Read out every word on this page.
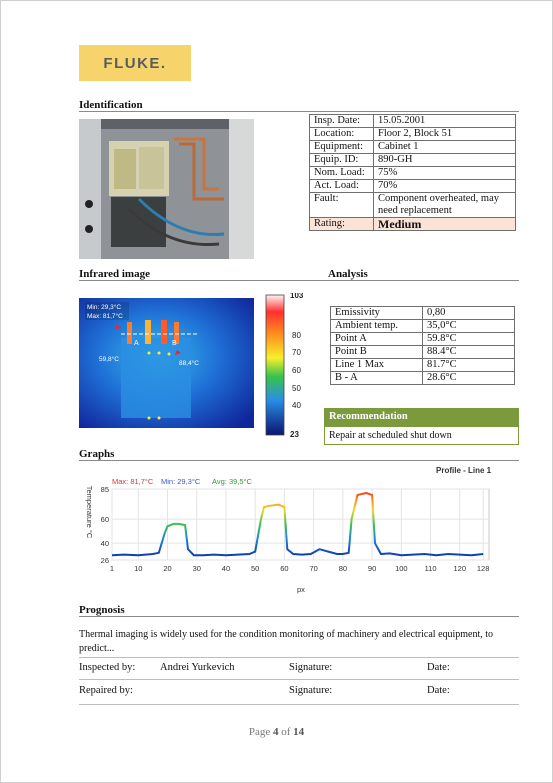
FLUKE.
Identification
Insp. Date:	15.05.2001
Location:	Floor 2, Block 51
Equipment:	Cabinet 1
Equip. ID:	890-GH
Nom. Load:	75%
Act. Load:	70%
Fault:	Component overheated, may need replacement
Rating:	Medium
Infrared image	Analysis
Min: 29,3°C
Max: 81,7°C
A	B
59,8°C
88,4°C
103
80
70
60
50
40
23
Emissivity	0,80
Ambient temp.	35,0°C
Point A	59.8°C
Point B	88.4°C
Line 1 Max	81.7°C
B - A	28.6°C
Recommendation
Repair at scheduled shut down
Graphs
1	10	20	30	40	50	60	70	80	90	100 110 120 128
26
40
60
85
Profile - Line 1
Max: 81,7°C Min: 29,3°C Avg: 39,5°C
px
Temperature °C
Prognosis
Thermal imaging is widely used for the condition monitoring of machinery and electrical equipment, to predict...
Inspected by: Andrei Yurkevich	Signature:	Date:
Repaired by:	Signature:	Date:
Page 4 of 14
